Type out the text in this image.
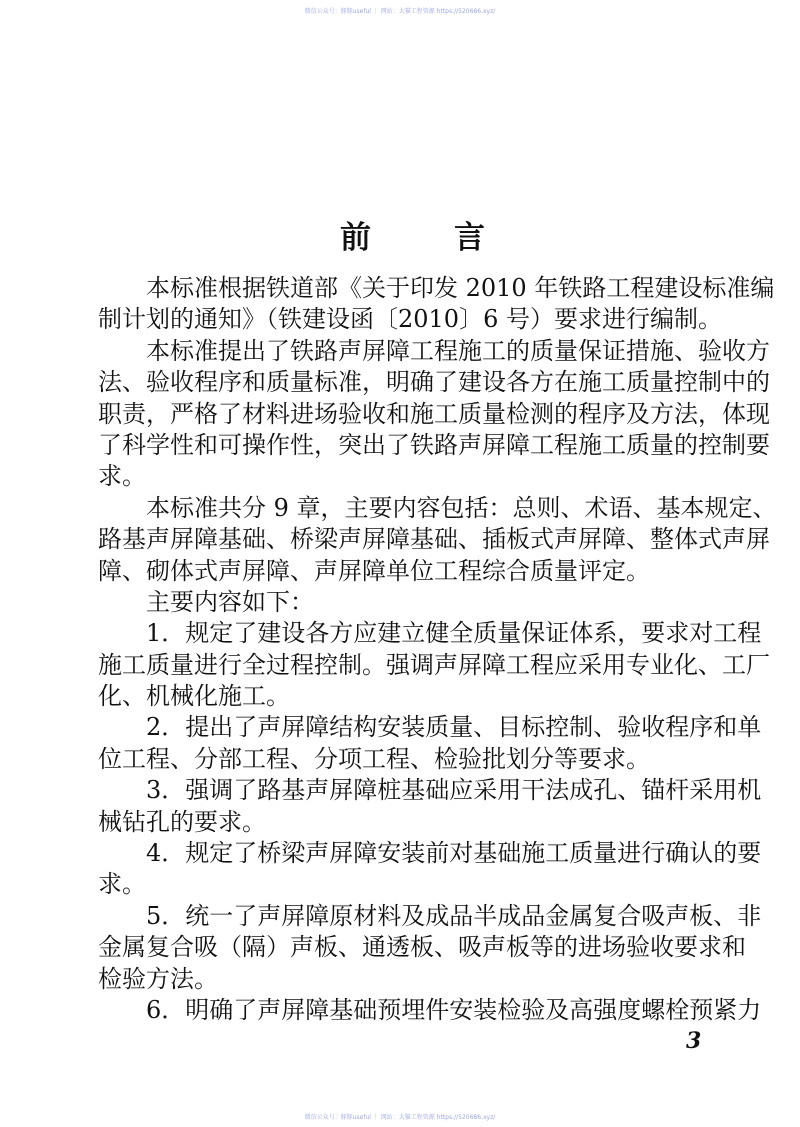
微信公众号：豚豚useful ｜ 网站：大猫工程资源 https://520686.xyz/
前	言
本标准根据铁道部《关于印发 2010 年铁路工程建设标准编
制计划的通知》（铁建设函〔2010〕6 号）要求进行编制。
本标准提出了铁路声屏障工程施工的质量保证措施、验收方
法、验收程序和质量标准，明确了建设各方在施工质量控制中的
职责，严格了材料进场验收和施工质量检测的程序及方法，体现
了科学性和可操作性，突出了铁路声屏障工程施工质量的控制要
求。
本标准共分 9 章，主要内容包括：总则、术语、基本规定、
路基声屏障基础、桥梁声屏障基础、插板式声屏障、整体式声屏
障、砌体式声屏障、声屏障单位工程综合质量评定。
主要内容如下：
1．规定了建设各方应建立健全质量保证体系，要求对工程
施工质量进行全过程控制。强调声屏障工程应采用专业化、工厂
化、机械化施工。
2．提出了声屏障结构安装质量、目标控制、验收程序和单
位工程、分部工程、分项工程、检验批划分等要求。
3．强调了路基声屏障桩基础应采用干法成孔、锚杆采用机
械钻孔的要求。
4．规定了桥梁声屏障安装前对基础施工质量进行确认的要
求。
5．统一了声屏障原材料及成品半成品金属复合吸声板、非
金属复合吸（隔）声板、通透板、吸声板等的进场验收要求和
检验方法。
6．明确了声屏障基础预埋件安装检验及高强度螺栓预紧力
3
微信公众号：豚豚useful ｜ 网站：大猫工程资源 https://520686.xyz/
